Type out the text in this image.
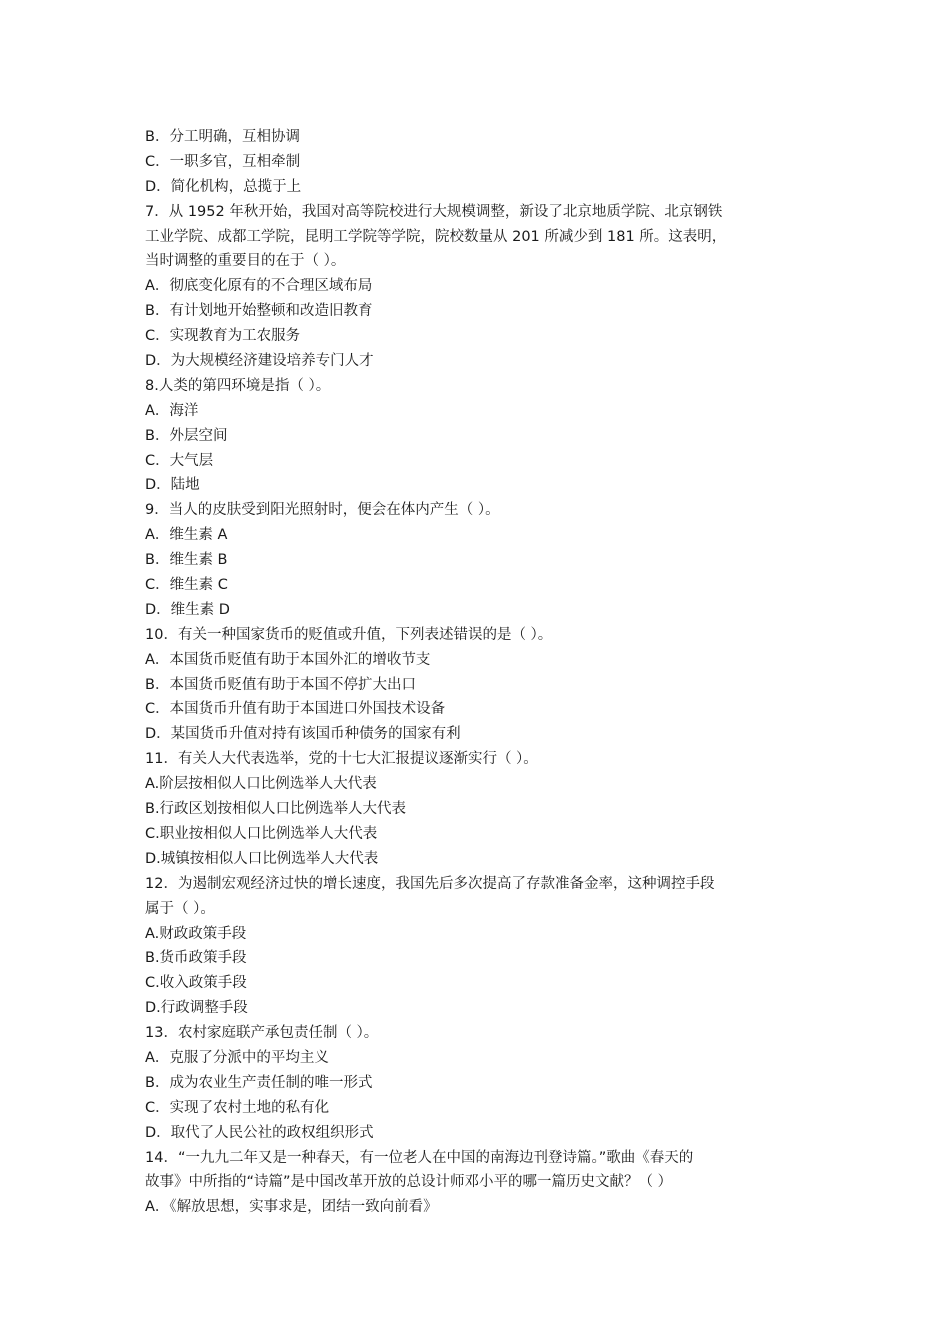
B．分工明确，互相协调
C．一职多官，互相牵制
D．简化机构，总揽于上
7．从 1952 年秋开始，我国对高等院校进行大规模调整，新设了北京地质学院、北京钢铁
工业学院、成都工学院，昆明工学院等学院，院校数量从 201 所减少到 181 所。这表明，
当时调整的重要目的在于（ ）。
A．彻底变化原有的不合理区域布局
B．有计划地开始整顿和改造旧教育
C．实现教育为工农服务
D．为大规模经济建设培养专门人才
8.人类的第四环境是指（ ）。
A．海洋
B．外层空间
C．大气层
D．陆地
9．当人的皮肤受到阳光照射时，便会在体内产生（ ）。
A．维生素 A
B．维生素 B
C．维生素 C
D．维生素 D
10．有关一种国家货币的贬值或升值，下列表述错误的是（ ）。
A．本国货币贬值有助于本国外汇的增收节支
B．本国货币贬值有助于本国不停扩大出口
C．本国货币升值有助于本国进口外国技术设备
D．某国货币升值对持有该国币种债务的国家有利
11．有关人大代表选举，党的十七大汇报提议逐渐实行（ ）。
A.阶层按相似人口比例选举人大代表
B.行政区划按相似人口比例选举人大代表
C.职业按相似人口比例选举人大代表
D.城镇按相似人口比例选举人大代表
12．为遏制宏观经济过快的增长速度，我国先后多次提高了存款准备金率，这种调控手段
属于（ ）。
A.财政政策手段
B.货币政策手段
C.收入政策手段
D.行政调整手段
13．农村家庭联产承包责任制（ ）。
A．克服了分派中的平均主义
B．成为农业生产责任制的唯一形式
C．实现了农村土地的私有化
D．取代了人民公社的政权组织形式
14．“一九九二年又是一种春天，有一位老人在中国的南海边刊登诗篇。”歌曲《春天的
故事》中所指的“诗篇”是中国改革开放的总设计师邓小平的哪一篇历史文献？（ ）
A．《解放思想，实事求是，团结一致向前看》
